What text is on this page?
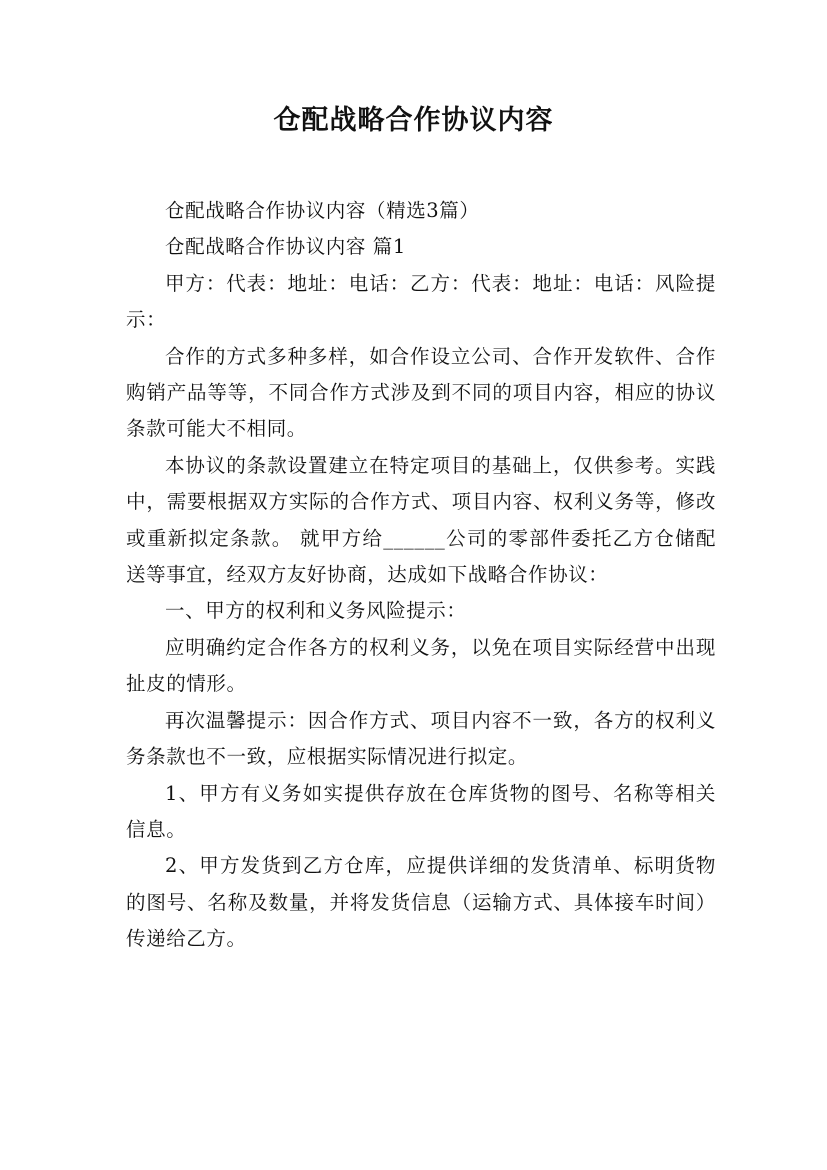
仓配战略合作协议内容

仓配战略合作协议内容（精选3篇）

仓配战略合作协议内容 篇1

甲方：代表：地址：电话：乙方：代表：地址：电话：风险提示：

合作的方式多种多样，如合作设立公司、合作开发软件、合作购销产品等等，不同合作方式涉及到不同的项目内容，相应的协议条款可能大不相同。

本协议的条款设置建立在特定项目的基础上，仅供参考。实践中，需要根据双方实际的合作方式、项目内容、权利义务等，修改或重新拟定条款。 就甲方给______公司的零部件委托乙方仓储配送等事宜，经双方友好协商，达成如下战略合作协议：

一、甲方的权利和义务风险提示：

应明确约定合作各方的权利义务，以免在项目实际经营中出现扯皮的情形。

再次温馨提示：因合作方式、项目内容不一致，各方的权利义务条款也不一致，应根据实际情况进行拟定。

1、甲方有义务如实提供存放在仓库货物的图号、名称等相关信息。

2、甲方发货到乙方仓库，应提供详细的发货清单、标明货物的图号、名称及数量，并将发货信息（运输方式、具体接车时间）传递给乙方。
